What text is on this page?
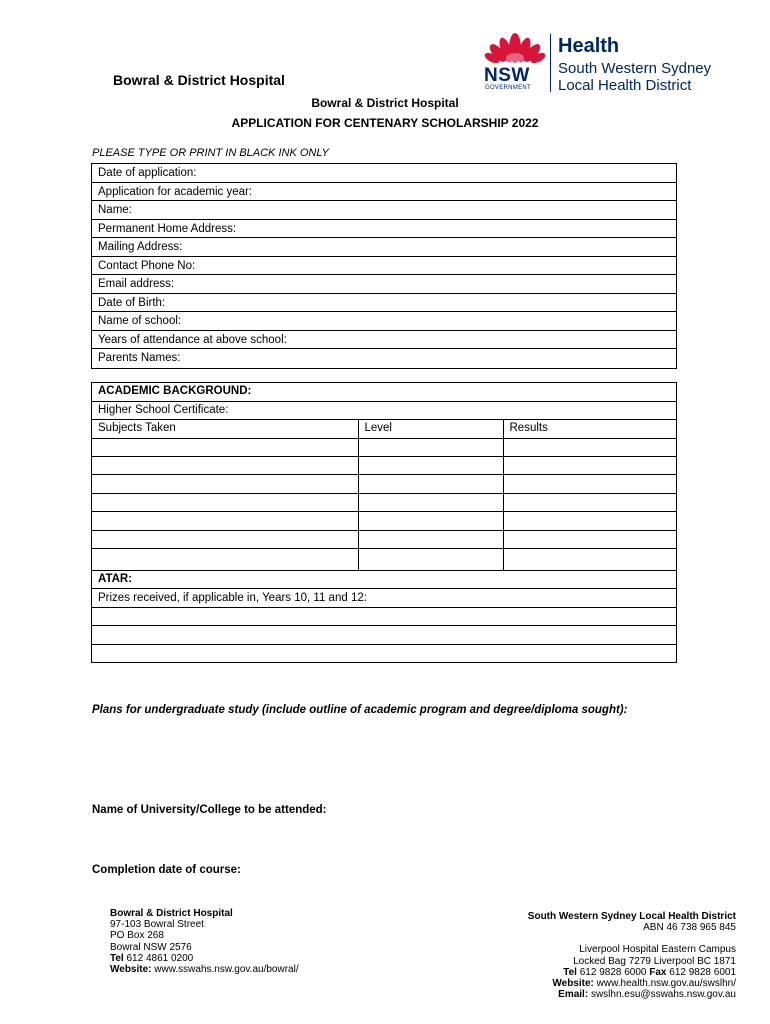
Bowral & District Hospital	NSW
GOVERNMENT
Health
South Western Sydney
Local Health District
Bowral & District Hospital
APPLICATION FOR CENTENARY SCHOLARSHIP 2022
PLEASE TYPE OR PRINT IN BLACK INK ONLY
Date of application:
Application for academic year:
Name:
Permanent Home Address:
Mailing Address:
Contact Phone No:
Email address:
Date of Birth:
Name of school:
Years of attendance at above school:
Parents Names:
ACADEMIC BACKGROUND:		
Higher School Certificate:		
Subjects Taken	Level	Results

ATAR:		
Prizes received, if applicable in, Years 10, 11 and 12:		

Plans for undergraduate study (include outline of academic program and degree/diploma sought):
Name of University/College to be attended:
Completion date of course:
Bowral & District Hospital
97-103 Bowral Street
PO Box 268
Bowral NSW 2576
Tel 612 4861 0200
Website: www.sswahs.nsw.gov.au/bowral/
South Western Sydney Local Health District
ABN 46 738 965 845
Liverpool Hospital Eastern Campus
Locked Bag 7279 Liverpool BC 1871
Tel 612 9828 6000 Fax 612 9828 6001
Website: www.health.nsw.gov.au/swslhn/
Email: swslhn.esu@sswahs.nsw.gov.au
